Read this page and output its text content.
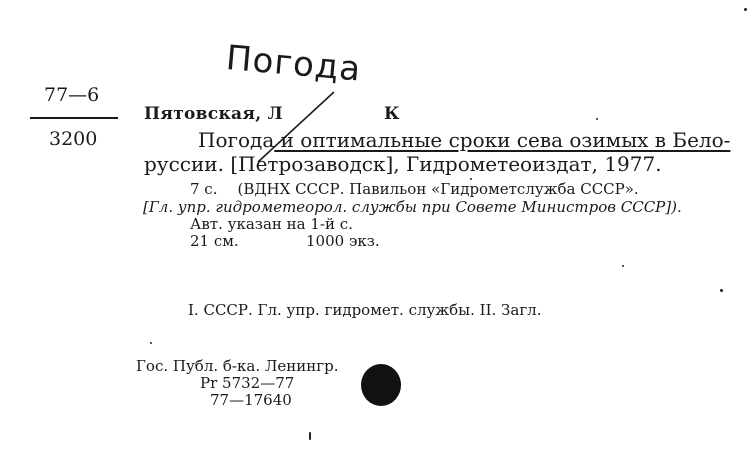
77—6
3200
Погода
Пятовская, Л	К
Погода и оптимальные сроки сева озимых в Бело-
руссии. [Петрозаводск], Гидрометеоиздат, 1977.
7 с. (ВДНХ СССР. Павильон «Гидрометслужба СССР».
[Гл. упр. гидрометеорол. службы при Совете Министров СССР]).
Авт. указан на 1-й с.
21 см.	1000 экз.
I. СССР. Гл. упр. гидромет. службы. II. Загл.
Гос. Публ. б-ка. Ленингр.
Pr 5732—77
77—17640
